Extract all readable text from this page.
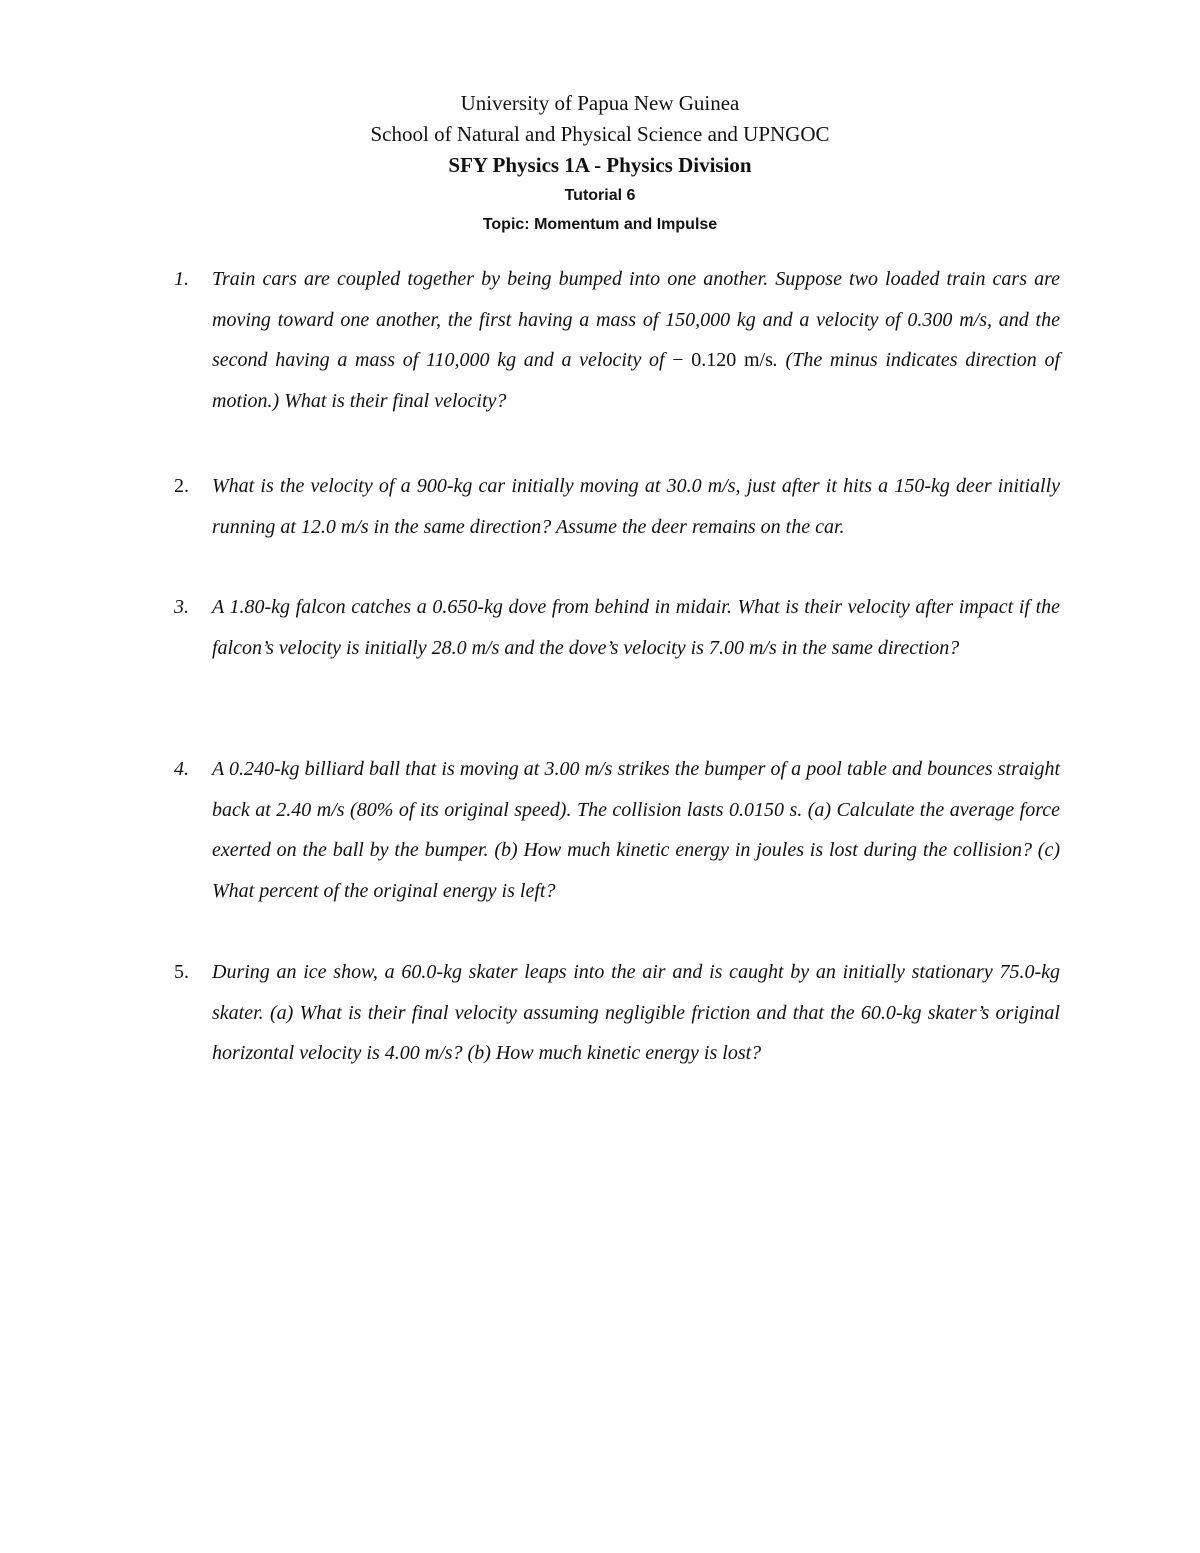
University of Papua New Guinea
School of Natural and Physical Science and UPNGOC
SFY Physics 1A - Physics Division
Tutorial 6
Topic: Momentum and Impulse
1. Train cars are coupled together by being bumped into one another. Suppose two loaded train cars are moving toward one another, the first having a mass of 150,000 kg and a velocity of 0.300 m/s, and the second having a mass of 110,000 kg and a velocity of − 0.120 m/s. (The minus indicates direction of motion.) What is their final velocity?
2. What is the velocity of a 900-kg car initially moving at 30.0 m/s, just after it hits a 150-kg deer initially running at 12.0 m/s in the same direction? Assume the deer remains on the car.
3. A 1.80-kg falcon catches a 0.650-kg dove from behind in midair. What is their velocity after impact if the falcon’s velocity is initially 28.0 m/s and the dove’s velocity is 7.00 m/s in the same direction?
4. A 0.240-kg billiard ball that is moving at 3.00 m/s strikes the bumper of a pool table and bounces straight back at 2.40 m/s (80% of its original speed). The collision lasts 0.0150 s. (a) Calculate the average force exerted on the ball by the bumper. (b) How much kinetic energy in joules is lost during the collision? (c) What percent of the original energy is left?
5. During an ice show, a 60.0-kg skater leaps into the air and is caught by an initially stationary 75.0-kg skater. (a) What is their final velocity assuming negligible friction and that the 60.0-kg skater’s original horizontal velocity is 4.00 m/s? (b) How much kinetic energy is lost?
